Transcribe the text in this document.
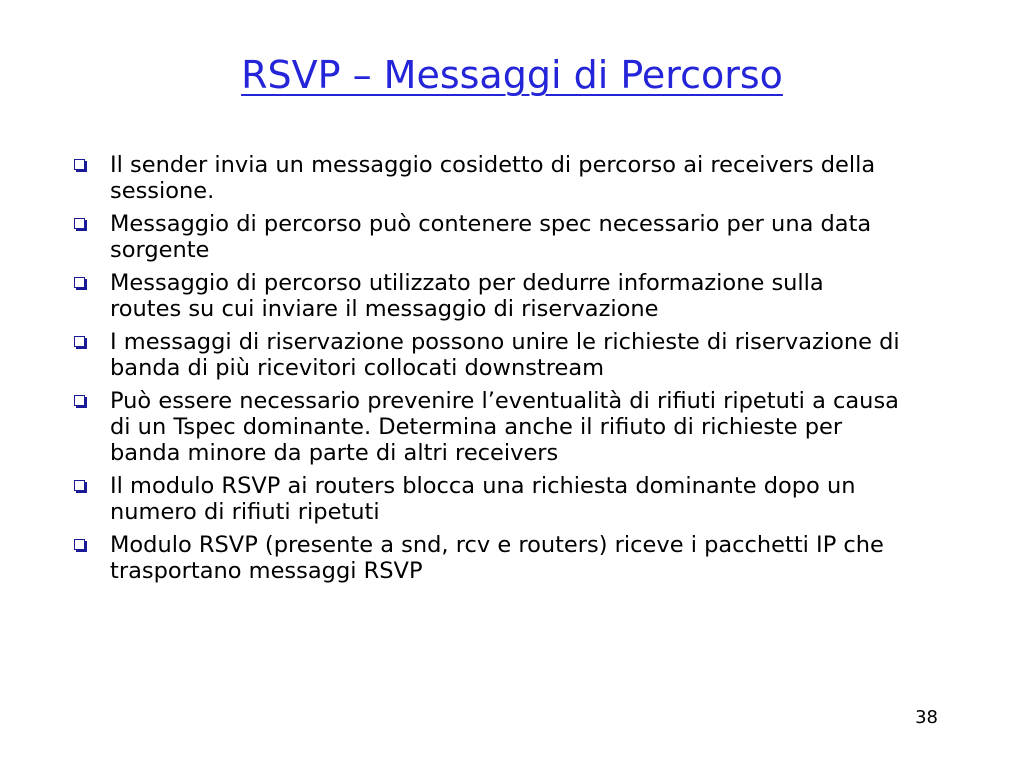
RSVP – Messaggi di Percorso
Il sender invia un messaggio cosidetto di percorso ai receivers della sessione.
Messaggio di percorso può contenere spec necessario per una data sorgente
Messaggio di percorso utilizzato per dedurre informazione sulla routes su cui inviare il messaggio di riservazione
I messaggi di riservazione possono unire le richieste di riservazione di banda di più ricevitori collocati downstream
Può essere necessario prevenire l’eventualità di rifiuti ripetuti a causa di un Tspec dominante. Determina anche il rifiuto di richieste per banda minore da parte di altri receivers
Il modulo RSVP ai routers blocca una richiesta dominante dopo un numero di rifiuti ripetuti
Modulo RSVP (presente a snd, rcv e routers) riceve i pacchetti IP che trasportano messaggi RSVP
38
